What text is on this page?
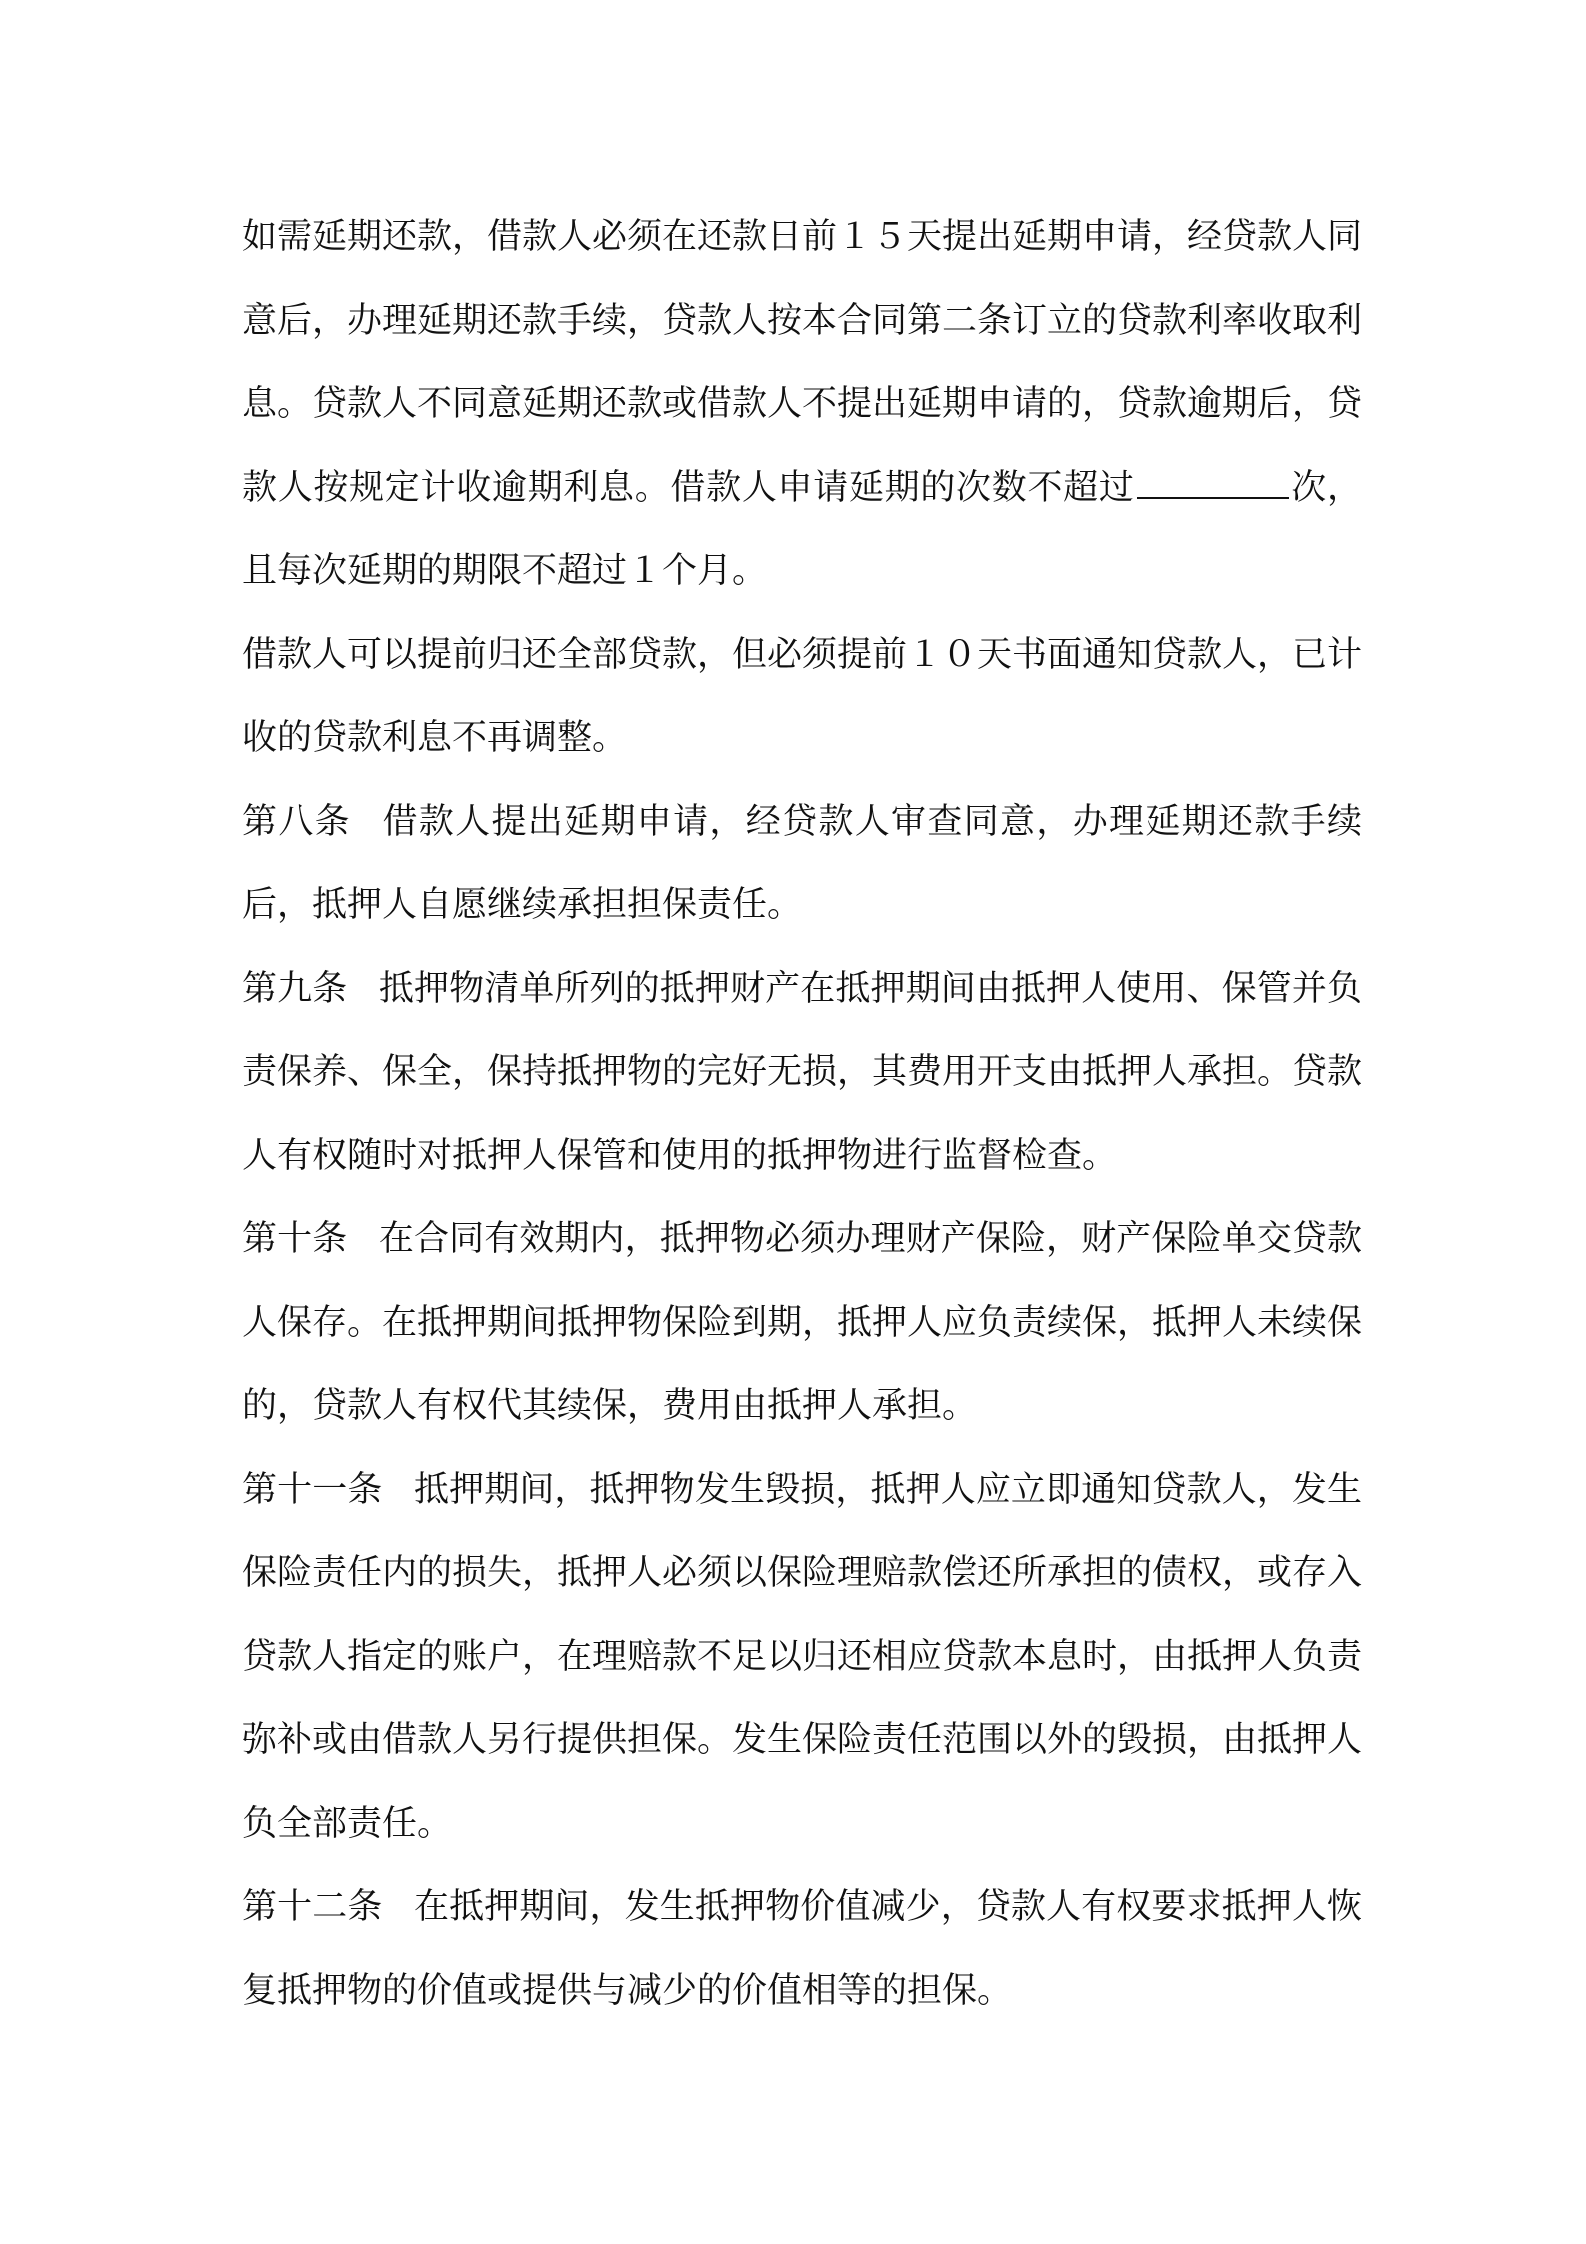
如需延期还款，借款人必须在还款日前１５天提出延期申请，经贷款人同意后，办理延期还款手续，贷款人按本合同第二条订立的贷款利率收取利息。贷款人不同意延期还款或借款人不提出延期申请的，贷款逾期后，贷款人按规定计收逾期利息。借款人申请延期的次数不超过	次，且每次延期的期限不超过１个月。

借款人可以提前归还全部贷款，但必须提前１０天书面通知贷款人，已计收的贷款利息不再调整。

第八条 借款人提出延期申请，经贷款人审查同意，办理延期还款手续后，抵押人自愿继续承担担保责任。

第九条 抵押物清单所列的抵押财产在抵押期间由抵押人使用、保管并负责保养、保全，保持抵押物的完好无损，其费用开支由抵押人承担。贷款人有权随时对抵押人保管和使用的抵押物进行监督检查。

第十条 在合同有效期内，抵押物必须办理财产保险，财产保险单交贷款人保存。在抵押期间抵押物保险到期，抵押人应负责续保，抵押人未续保的，贷款人有权代其续保，费用由抵押人承担。

第十一条 抵押期间，抵押物发生毁损，抵押人应立即通知贷款人，发生保险责任内的损失，抵押人必须以保险理赔款偿还所承担的债权，或存入贷款人指定的账户，在理赔款不足以归还相应贷款本息时，由抵押人负责弥补或由借款人另行提供担保。发生保险责任范围以外的毁损，由抵押人负全部责任。

第十二条 在抵押期间，发生抵押物价值减少，贷款人有权要求抵押人恢复抵押物的价值或提供与减少的价值相等的担保。
